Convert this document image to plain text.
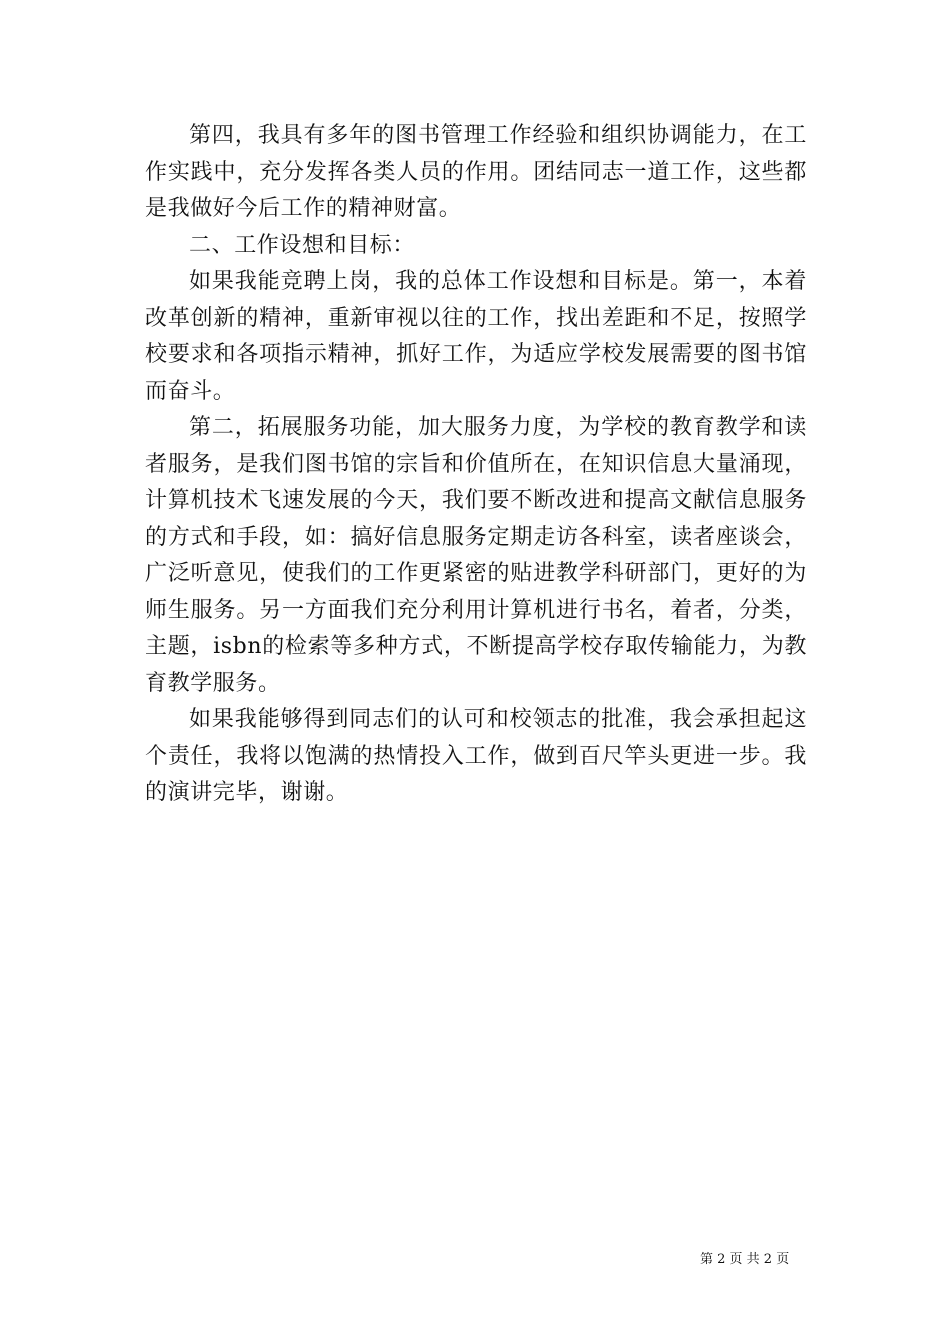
第四，我具有多年的图书管理工作经验和组织协调能力，在工作实践中，充分发挥各类人员的作用。团结同志一道工作，这些都是我做好今后工作的精神财富。

二、工作设想和目标：

如果我能竞聘上岗，我的总体工作设想和目标是。第一，本着改革创新的精神，重新审视以往的工作，找出差距和不足，按照学校要求和各项指示精神，抓好工作，为适应学校发展需要的图书馆而奋斗。

第二，拓展服务功能，加大服务力度，为学校的教育教学和读者服务，是我们图书馆的宗旨和价值所在，在知识信息大量涌现，计算机技术飞速发展的今天，我们要不断改进和提高文献信息服务的方式和手段，如：搞好信息服务定期走访各科室，读者座谈会，广泛听意见，使我们的工作更紧密的贴进教学科研部门，更好的为师生服务。另一方面我们充分利用计算机进行书名，着者，分类，主题，isbn的检索等多种方式，不断提高学校存取传输能力，为教育教学服务。

如果我能够得到同志们的认可和校领志的批准，我会承担起这个责任，我将以饱满的热情投入工作，做到百尺竿头更进一步。我的演讲完毕，谢谢。

第 2 页 共 2 页
